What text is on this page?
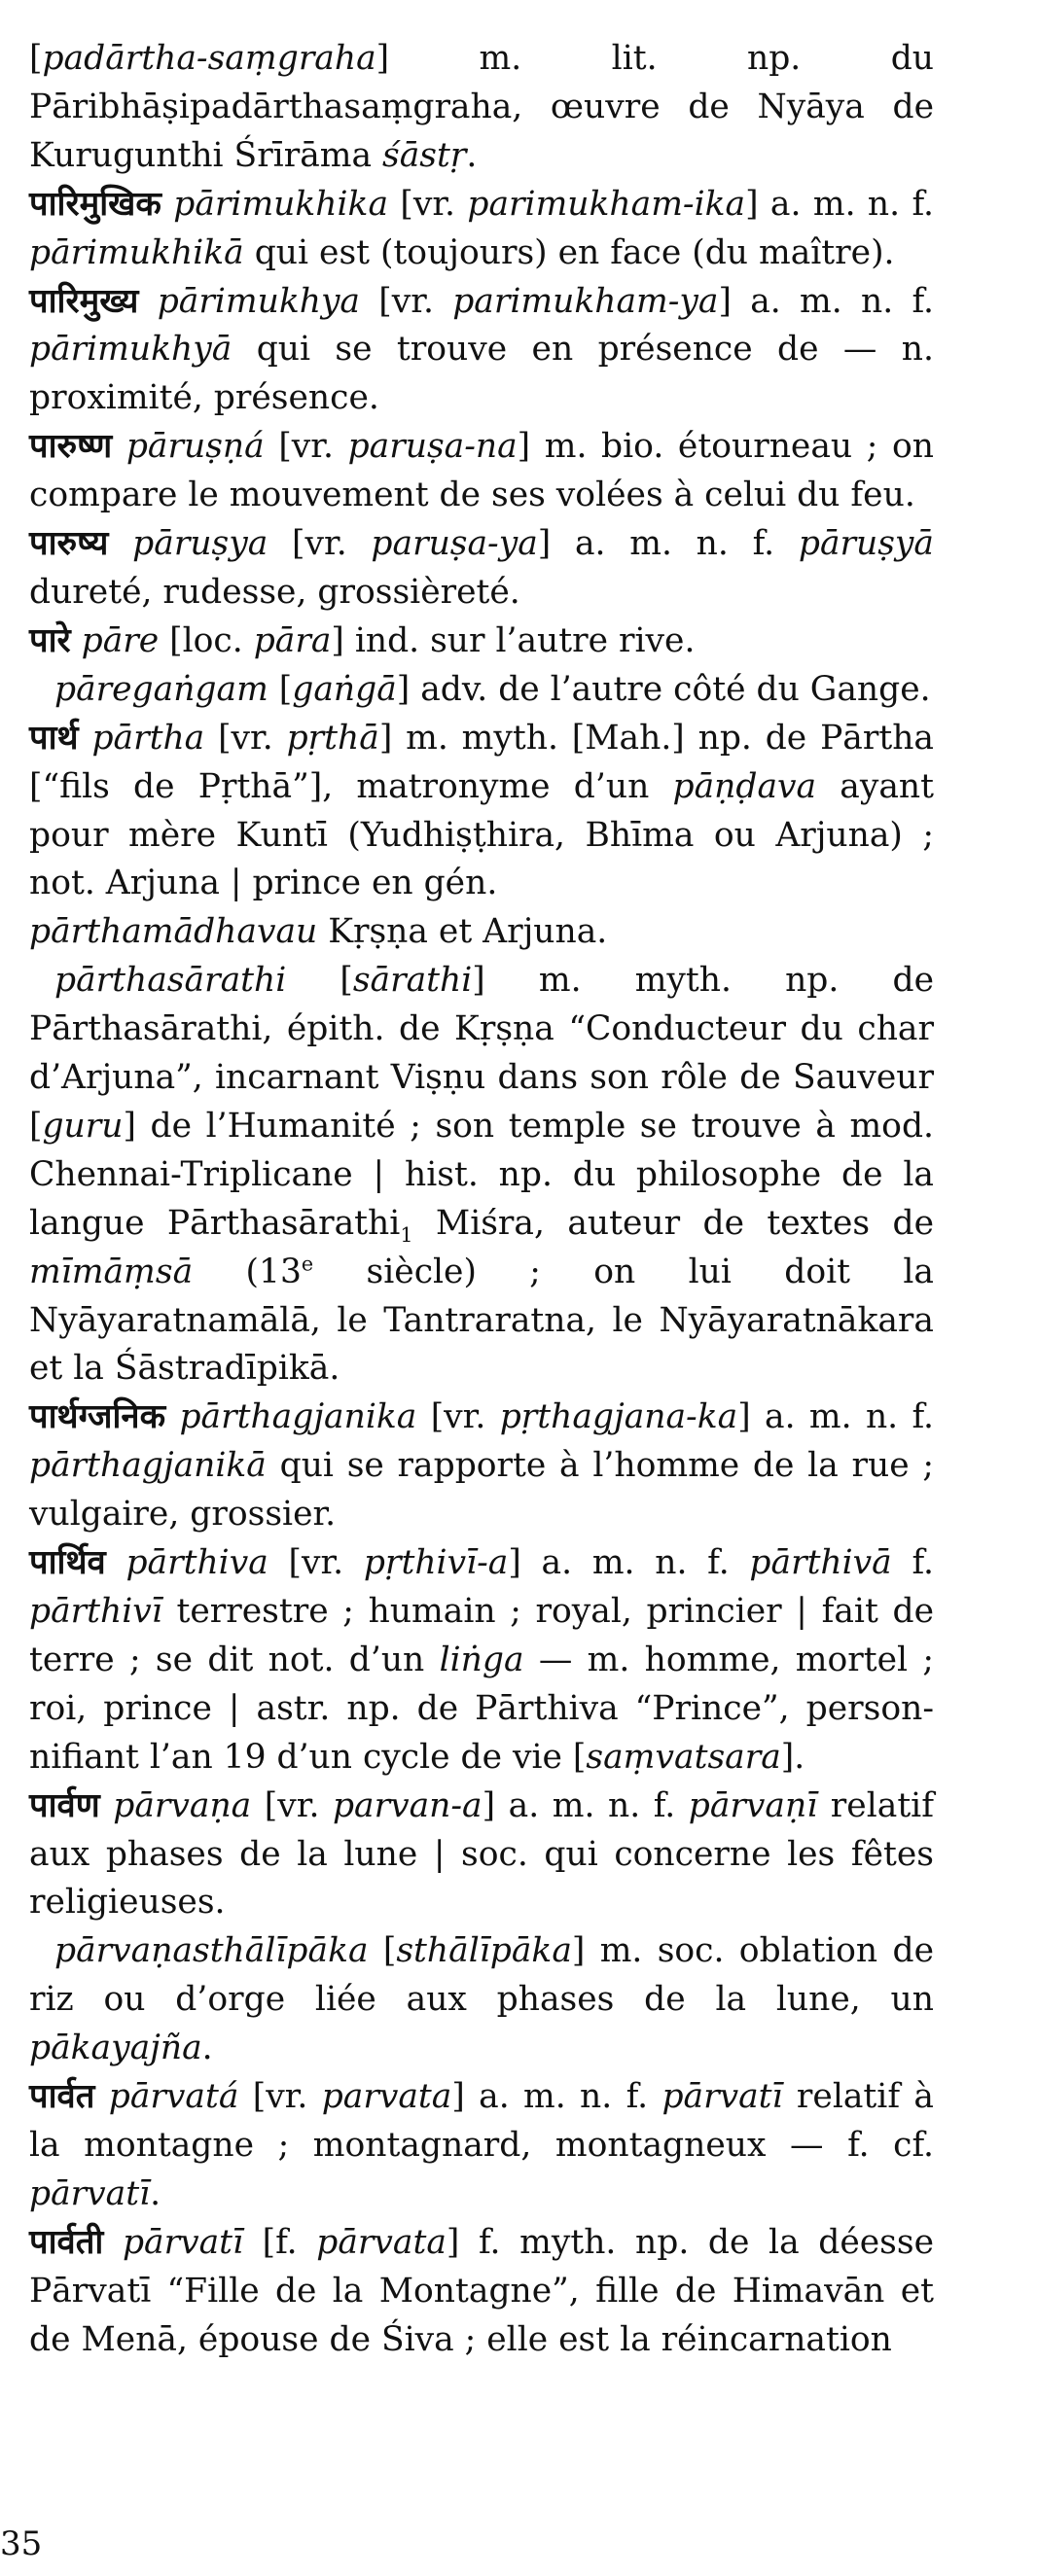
[padārtha-saṃgraha] m. lit. np. du Pāribhāṣipadārthasaṃgraha, œuvre de Nyāya de Kurugunthi Śrīrāma śāstṛ.

पारिमुखिक pārimukhika [vr. parimukham-ika] a. m. n. f. pārimukhikā qui est (toujours) en face (du maître).

पारिमुख्य pārimukhya [vr. parimukham-ya] a. m. n. f. pārimukhyā qui se trouve en présence de — n. proximité, présence.

पारुष्ण pāruṣṇá [vr. paruṣa-na] m. bio. étourneau ; on compare le mouvement de ses volées à celui du feu.

पारुष्य pāruṣya [vr. paruṣa-ya] a. m. n. f. pāruṣyā dureté, rudesse, grossièreté.

पारे pāre [loc. pāra] ind. sur l’autre rive.

pāregaṅgam [gaṅgā] adv. de l’autre côté du Gange.

पार्थ pārtha [vr. pṛthā] m. myth. [Mah.] np. de Pārtha [“fils de Pṛthā”], matronyme d’un pāṇḍava ayant pour mère Kuntī (Yudhiṣṭhira, Bhīma ou Arjuna) ; not. Arjuna | prince en gén.

pārthamādhavau Kṛṣṇa et Arjuna.

pārthasārathi [sārathi] m. myth. np. de Pārthasārathi, épith. de Kṛṣṇa “Conducteur du char d’Arjuna”, incarnant Viṣṇu dans son rôle de Sauveur [guru] de l’Humanité ; son temple se trouve à mod. Chennai-Triplicane | hist. np. du philosophe de la langue Pārthasārathi$_1$ Miśra, auteur de textes de mīmāṃsā (13e siècle) ; on lui doit la Nyāyaratnamālā, le Tantraratna, le Nyāyaratnākara et la Śāstradīpikā.

पार्थग्जनिक pārthagjanika [vr. pṛthagjana-ka] a. m. n. f. pārthagjanikā qui se rapporte à l’homme de la rue ; vulgaire, grossier.

पार्थिव pārthiva [vr. pṛthivī-a] a. m. n. f. pārthivā f. pārthivī terrestre ; humain ; royal, princier | fait de terre ; se dit not. d’un liṅga — m. homme, mortel ; roi, prince | astr. np. de Pārthiva “Prince”, personnifiant l’an 19 d’un cycle de vie [saṃvatsara].

पार्वण pārvaṇa [vr. parvan-a] a. m. n. f. pārvaṇī relatif aux phases de la lune | soc. qui concerne les fêtes religieuses.

pārvaṇasthālīpāka [sthālīpāka] m. soc. oblation de riz ou d’orge liée aux phases de la lune, un pākayajña.

पार्वत pārvatá [vr. parvata] a. m. n. f. pārvatī relatif à la montagne ; montagnard, montagneux — f. cf. pārvatī.

पार्वती pārvatī [f. pārvata] f. myth. np. de la déesse Pārvatī “Fille de la Montagne”, fille de Himavān et de Menā, épouse de Śiva ; elle est la réincarnation

35
